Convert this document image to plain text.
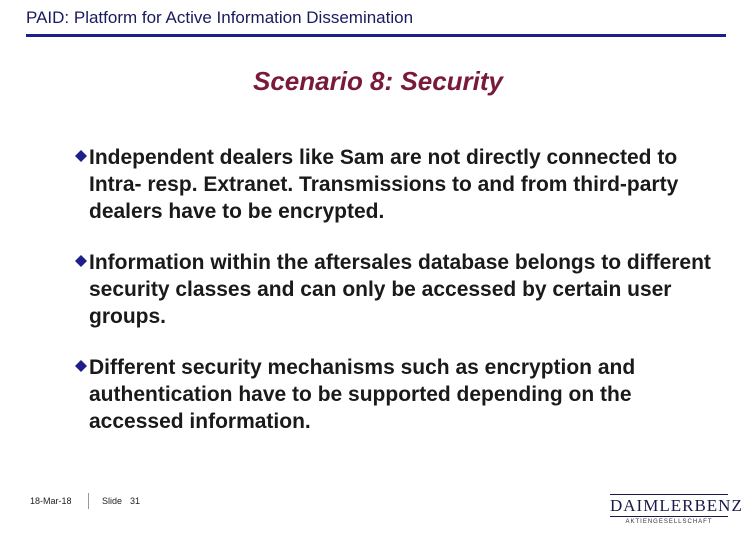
PAID: Platform for Active Information Dissemination
Scenario 8: Security
Independent dealers like Sam are not directly connected to Intra- resp. Extranet. Transmissions to and from third-party dealers have to be encrypted.
Information within the aftersales database belongs to different security classes and can only be accessed by certain user groups.
Different security mechanisms such as encryption and authentication have to be supported depending on the accessed information.
18-Mar-18	Slide 31	DAIMLERBENZ
AKTIENGESELLSCHAFT
